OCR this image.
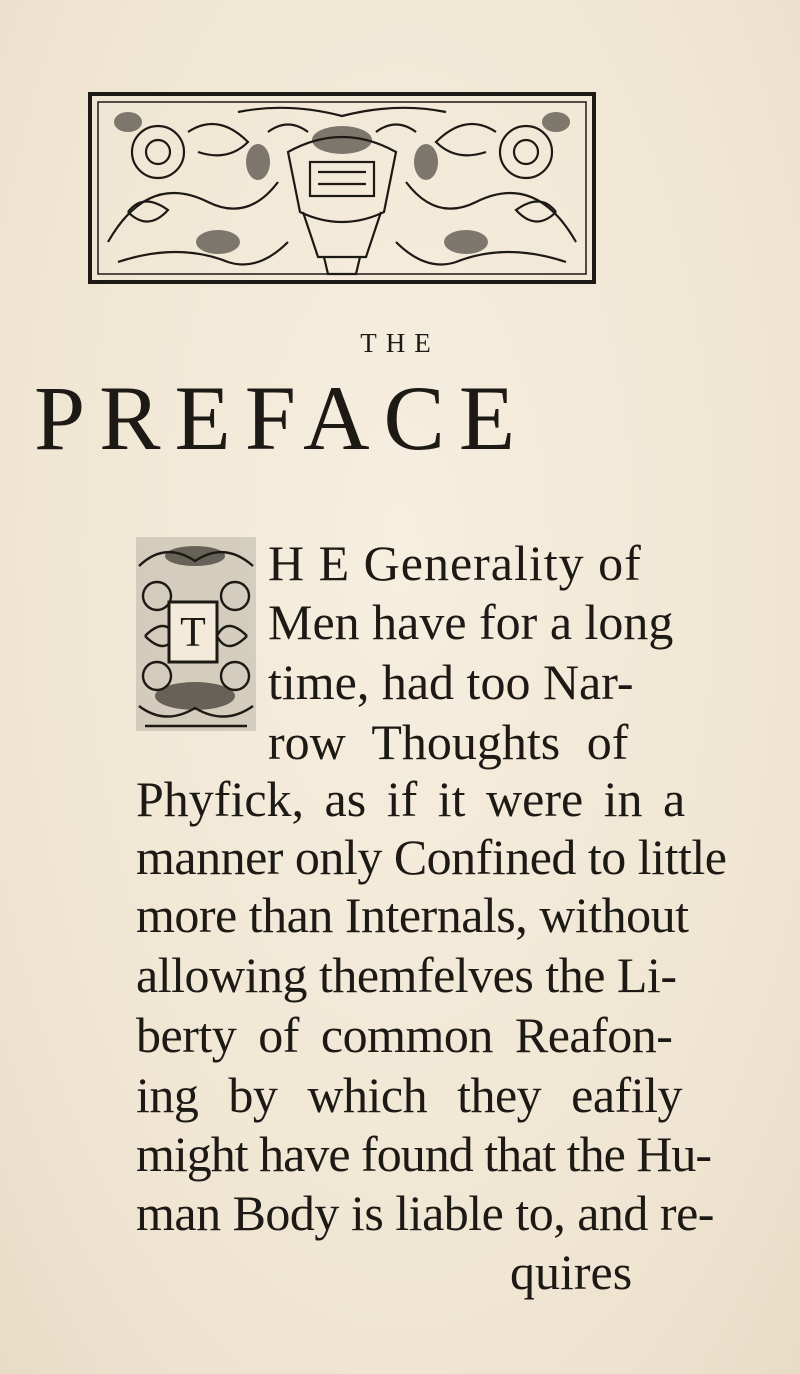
THE
PREFACE
T
H E Generality of
Men have for a long
time, had too Nar-
row Thoughts of
Phyfick, as if it were in a
manner only Confined to little
more than Internals, without
allowing themfelves the Li-
berty of common Reafon-
ing by which they eafily
might have found that the Hu-
man Body is liable to, and re-
quires
